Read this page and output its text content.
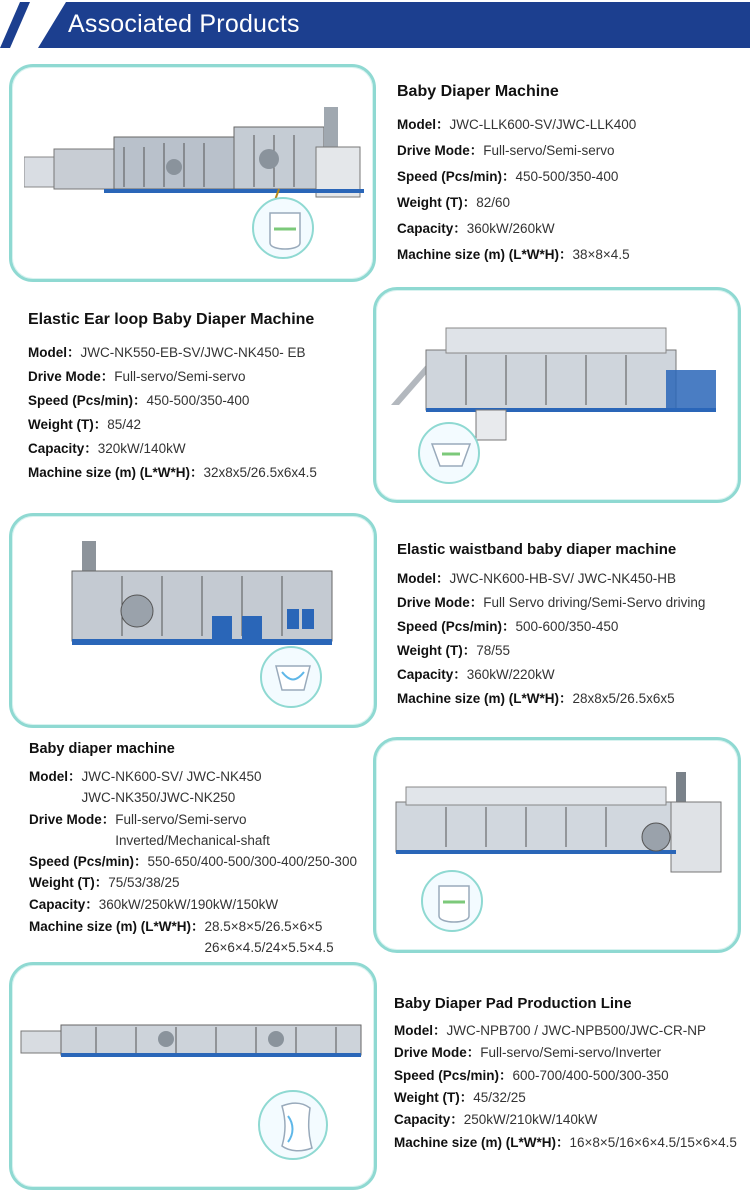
Associated Products
Baby Diaper Machine
Model：JWC-LLK600-SV/JWC-LLK400
Drive Mode：Full-servo/Semi-servo
Speed (Pcs/min)：450-500/350-400
Weight (T)：82/60
Capacity：360kW/260kW
Machine size (m) (L*W*H)：38×8×4.5
Elastic Ear loop Baby Diaper Machine
Model：JWC-NK550-EB-SV/JWC-NK450- EB
Drive Mode：Full-servo/Semi-servo
Speed (Pcs/min)：450-500/350-400
Weight (T)：85/42
Capacity：320kW/140kW
Machine size (m) (L*W*H)：32x8x5/26.5x6x4.5
Elastic waistband baby diaper machine
Model：JWC-NK600-HB-SV/ JWC-NK450-HB
Drive Mode：Full Servo driving/Semi-Servo driving
Speed (Pcs/min)：500-600/350-450
Weight (T)：78/55
Capacity：360kW/220kW
Machine size (m) (L*W*H)：28x8x5/26.5x6x5
Baby diaper machine
Model：JWC-NK600-SV/ JWC-NK450
JWC-NK350/JWC-NK250
Drive Mode：Full-servo/Semi-servo
Inverted/Mechanical-shaft
Speed (Pcs/min)：550-650/400-500/300-400/250-300
Weight (T)：75/53/38/25
Capacity：360kW/250kW/190kW/150kW
Machine size (m) (L*W*H)：28.5×8×5/26.5×6×5
26×6×4.5/24×5.5×4.5
Baby Diaper Pad Production Line
Model：JWC-NPB700 / JWC-NPB500/JWC-CR-NP
Drive Mode：Full-servo/Semi-servo/Inverter
Speed (Pcs/min)：600-700/400-500/300-350
Weight (T)：45/32/25
Capacity：250kW/210kW/140kW
Machine size (m) (L*W*H)：16×8×5/16×6×4.5/15×6×4.5
